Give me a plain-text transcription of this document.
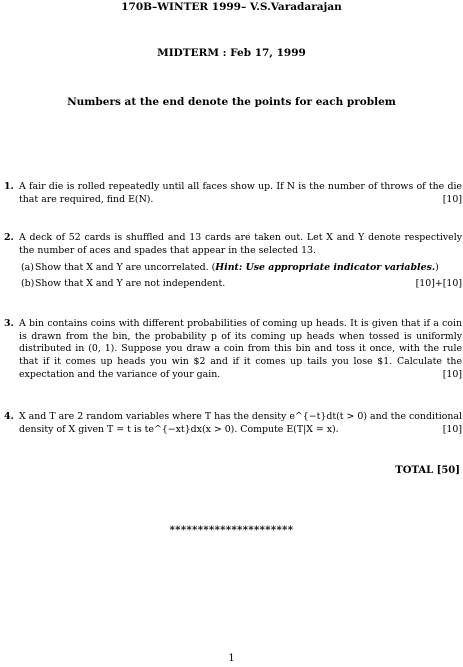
170B–WINTER 1999– V.S.Varadarajan
MIDTERM : Feb 17, 1999
Numbers at the end denote the points for each problem
1. A fair die is rolled repeatedly until all faces show up. If N is the number of throws of the die that are required, find E(N).	[10]
2. A deck of 52 cards is shuffled and 13 cards are taken out. Let X and Y denote respectively the number of aces and spades that appear in the selected 13.
(a) Show that X and Y are uncorrelated. (Hint: Use appropriate indicator variables.)
(b) Show that X and Y are not independent.	[10]+[10]
3. A bin contains coins with different probabilities of coming up heads. It is given that if a coin is drawn from the bin, the probability p of its coming up heads when tossed is uniformly distributed in (0, 1). Suppose you draw a coin from this bin and toss it once, with the rule that if it comes up heads you win $2 and if it comes up tails you lose $1. Calculate the expectation and the variance of your gain.	[10]
4. X and T are 2 random variables where T has the density e^{−t}dt(t > 0) and the conditional density of X given T = t is te^{−xt}dx(x > 0). Compute E(T|X = x).	[10]
TOTAL [50]
**********************
1
